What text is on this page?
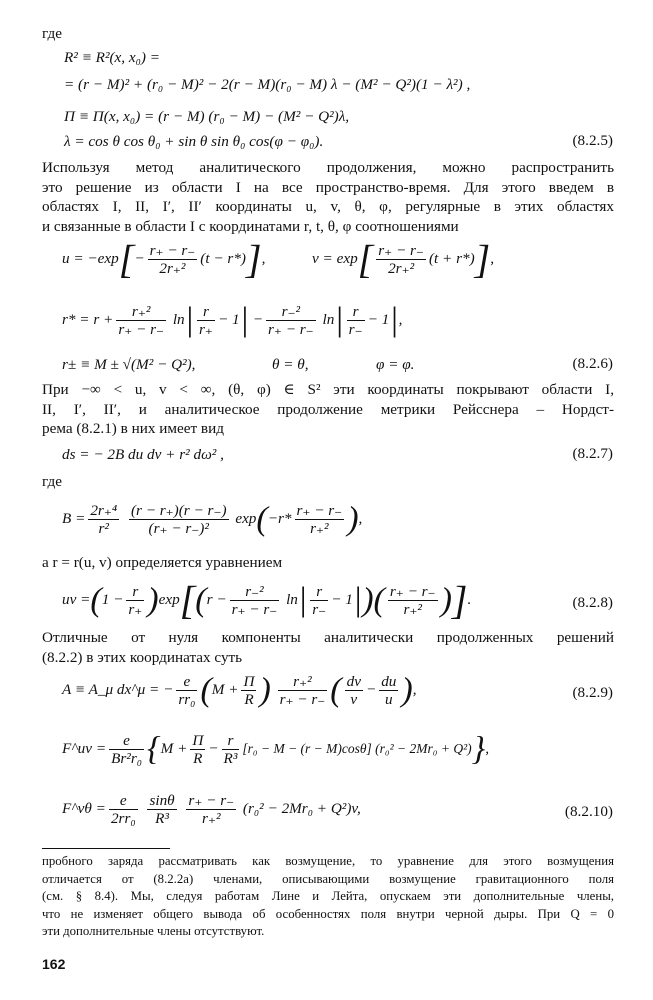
где
R² ≡ R²(x, x₀) =
= (r − M)² + (r₀ − M)² − 2(r − M)(r₀ − M) λ − (M² − Q²)(1 − λ²) ,
Π ≡ Π(x, x₀) = (r − M) (r₀ − M) − (M² − Q²)λ,
λ = cos θ cos θ₀ + sin θ sin θ₀ cos(φ − φ₀).	(8.2.5)
Используя метод аналитического продолжения, можно распространить
это решение из области I на все пространство-время. Для этого введем в
областях I, II, I′, II′ координаты u, v, θ, φ, регулярные в этих областях
и связанные в области I с координатами r, t, θ, φ соотношениями
$u = -\exp[- \frac{r_+ - r_-}{\text{2r₊²}} (t - r*)]$,	$v = \exp[ \frac{r_+ - r_-}{\text{2r₊²}} (t + r*)]$,
$r* = r + \frac{\text{r₊²}}{r_+ - r_-} \ln| \frac{r}{r_+} - 1| - \frac{\text{r₋²}}{r_+ - r_-} \ln| \frac{r}{r_-} - 1|$,
r± ≡ M ± √(M² − Q²),	θ = θ,	φ = φ.	(8.2.6)
При −∞ < u, v < ∞, (θ, φ) ∈ S² эти координаты покрывают области I,
II, I′, II′, и аналитическое продолжение метрики Рейсснера – Нордст-
рема (8.2.1) в них имеет вид
ds = − 2B du dv + r² dω² ,	(8.2.7)
где
$B = \frac{\text{2r₊⁴}}{\text{r²}}$
$\frac{(r - r_+)(r - r_-)}{\text{(r₊ − r₋)²}} \exp(-r* \frac{r_+ - r_-}{\text{r₊²}}$ ),
а r = r(u, v) определяется уравнением
uv $=(1 - \frac{r}{r_+} )\exp[(r - \frac{\text{r₋²}}{r_+ - r_-} \ln| \frac{r}{r_-} - 1|)( \frac{r_+ - r_-}{\text{r₊²}}$ )].	(8.2.8)
Отличные от нуля компоненты аналитически продолженных решений
(8.2.2) в этих координатах суть
A ≡ A_μ dx^μ = − $\frac{e}{\text{rr₀}} (M + \frac{\Pi}{R}$ ) $\frac{\text{r₊²}}{r_+ - r_-}$ ( $\frac{dv}{v} - \frac{du}{u}$ ),	(8.2.9)
F^uv = $\frac{e}{\text{Br²r₀}} \{M + \frac{\Pi}{R} - \frac{r}{\text{R³}} [r_0 - M - (r - M)\cos\theta] (r_0^2 - 2Mr_0 + Q^2)\}$,
F^vθ = $\frac{e}{\text{2rr₀}}$
$\frac{\sin\theta}{\text{R³}}$
$\frac{r_+ - r_-}{\text{r₊²}} (r_0^2 - 2Mr_0 + Q^2)v$,	(8.2.10)
пробного заряда рассматривать как возмущение, то уравнение для этого возмущения
отличается от (8.2.2а) членами, описывающими возмущение гравитационного поля
(см. § 8.4). Мы, следуя работам Лине и Лейта, опускаем эти дополнительные члены,
что не изменяет общего вывода об особенностях поля внутри черной дыры. При Q = 0
эти дополнительные члены отсутствуют.
162
